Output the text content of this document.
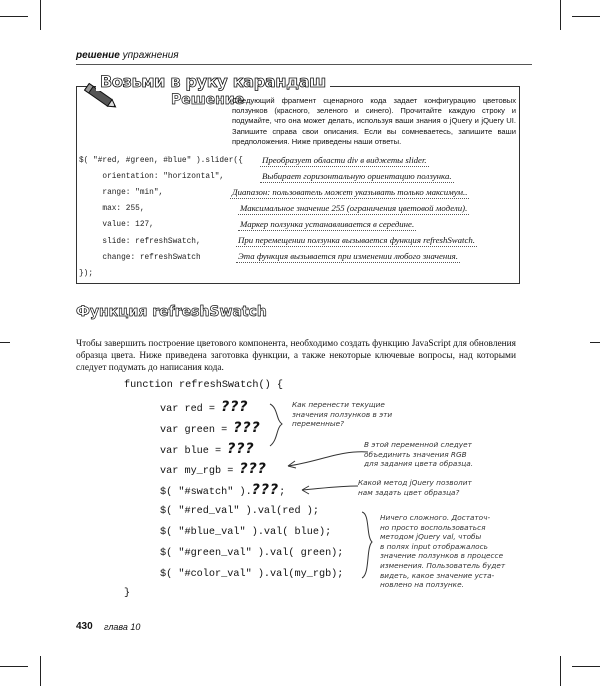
решение упражнения
Возьми в руку карандаш
Решение
Следующий фрагмент сценарного кода задает конфигурацию цветовых ползунков (красного, зеленого и синего). Прочитайте каждую строку и подумайте, что она может делать, используя ваши знания о jQuery и jQuery UI. Запишите справа свои описания. Если вы сомневаетесь, запишите ваши предположения. Ниже приведены наши ответы.
$( "#red, #green, #blue" ).slider({
orientation: "horizontal",
range: "min",
max: 255,
value: 127,
slide: refreshSwatch,
change: refreshSwatch
});
Преобразует области div в виджеты slider.
Выбирает горизонтальную ориентацию ползунка.
Диапазон: пользователь может указывать только максимум..
Максимальное значение 255 (ограничения цветовой модели).
Маркер ползунка устанавливается в середине.
При перемещении ползунка вызывается функция refreshSwatch.
Эта функция вызывается при изменении любого значения.
Функция refreshSwatch
Чтобы завершить построение цветового компонента, необходимо создать функцию JavaScript для обновления образца цвета. Ниже приведена заготовка функции, а также некоторые ключевые вопросы, над которыми следует подумать до написания кода.
function refreshSwatch() {
var red = ???
var green = ???
var blue = ???
var my_rgb = ???
$( "#swatch" ).???;
$( "#red_val" ).val(red );
$( "#blue_val" ).val( blue);
$( "#green_val" ).val( green);
$( "#color_val" ).val(my_rgb);
}
Как перенести текущие
значения ползунков в эти
переменные?
В этой переменной следует
объединить значения RGB
для задания цвета образца.
Какой метод jQuery позволит
нам задать цвет образца?
Ничего сложного. Достаточ-
но просто воспользоваться
методом jQuery val, чтобы
в полях input отображалось
значение ползунков в процессе
изменения. Пользователь будет
видеть, какое значение уста-
новлено на ползунке.
430 глава 10
